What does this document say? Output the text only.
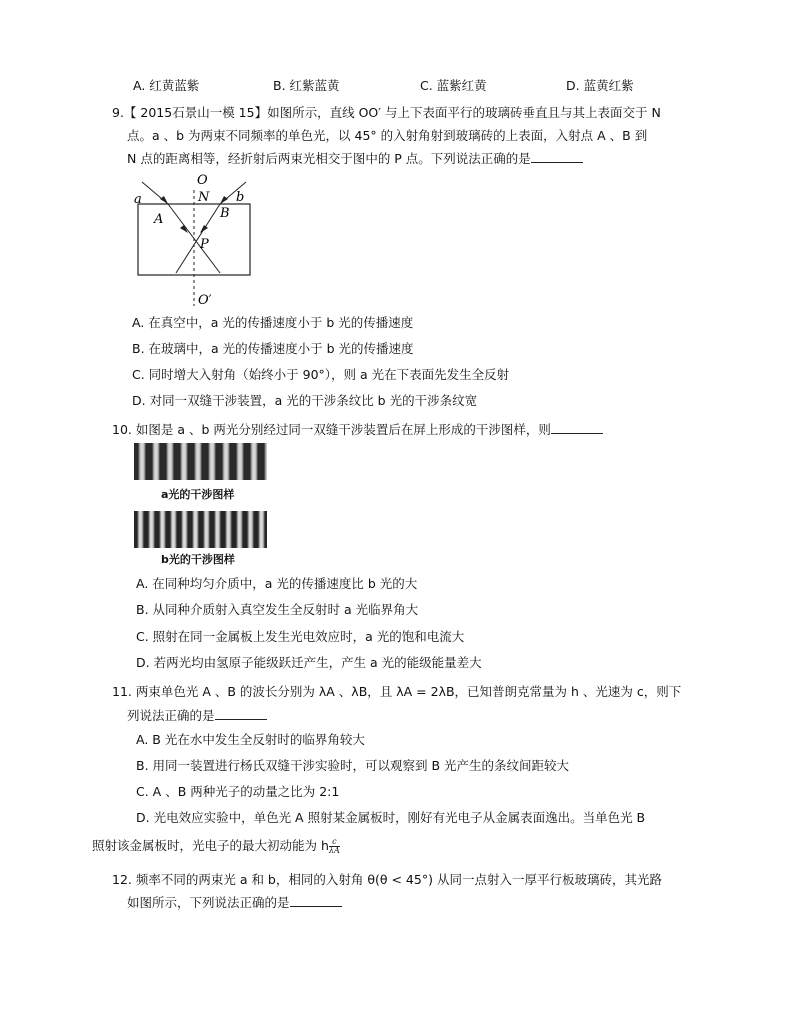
A. 红黄蓝紫	B. 红紫蓝黄	C. 蓝紫红黄	D. 蓝黄红紫
9.【 2015石景山一模 15】如图所示，直线 OO′ 与上下表面平行的玻璃砖垂直且与其上表面交于 N
点。a 、b 为两束不同频率的单色光，以 45° 的入射角射到玻璃砖的上表面，入射点 A 、B 到
N 点的距离相等，经折射后两束光相交于图中的 P 点。下列说法正确的是
O
N
a	b
A	B
P
O′
A. 在真空中，a 光的传播速度小于 b 光的传播速度
B. 在玻璃中，a 光的传播速度小于 b 光的传播速度
C. 同时增大入射角（始终小于 90°），则 a 光在下表面先发生全反射
D. 对同一双缝干涉装置，a 光的干涉条纹比 b 光的干涉条纹宽
10. 如图是 a 、b 两光分别经过同一双缝干涉装置后在屏上形成的干涉图样，则
a光的干涉图样
b光的干涉图样
A. 在同种均匀介质中，a 光的传播速度比 b 光的大
B. 从同种介质射入真空发生全反射时 a 光临界角大
C. 照射在同一金属板上发生光电效应时，a 光的饱和电流大
D. 若两光均由氢原子能级跃迁产生，产生 a 光的能级能量差大
11. 两束单色光 A 、B 的波长分别为 λA 、λB，且 λA = 2λB，已知普朗克常量为 h 、光速为 c，则下
列说法正确的是
A. B 光在水中发生全反射时的临界角较大
B. 用同一装置进行杨氏双缝干涉实验时，可以观察到 B 光产生的条纹间距较大
C. A 、B 两种光子的动量之比为 2:1
D. 光电效应实验中，单色光 A 照射某金属板时，刚好有光电子从金属表面逸出。当单色光 B
照射该金属板时，光电子的最大初动能为 h c
λA
12. 频率不同的两束光 a 和 b，相同的入射角 θ(θ < 45°) 从同一点射入一厚平行板玻璃砖，其光路
如图所示，下列说法正确的是
